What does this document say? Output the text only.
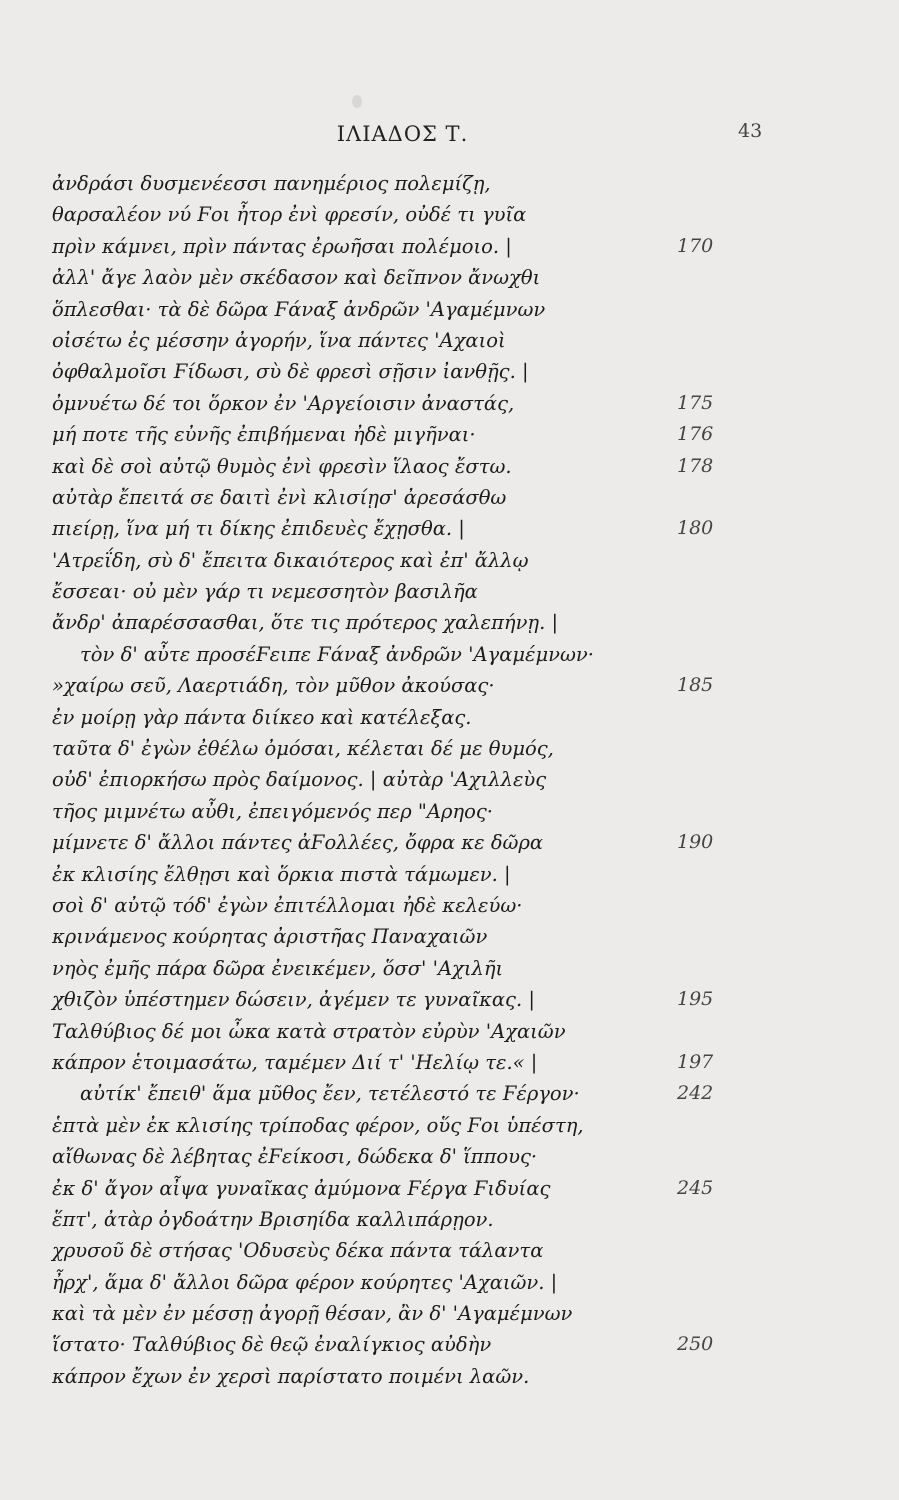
ΙΛΙΑΔΟΣ Τ.	43
ἀνδράσι δυσμενέεσσι πανημέριος πολεμίζῃ,
θαρσαλέον νύ Ϝοι ἦτορ ἐνὶ φρεσίν, οὐδέ τι γυῖα
πρὶν κάμνει, πρὶν πάντας ἐρωῆσαι πολέμοιο. |	170
ἀλλ' ἄγε λαὸν μὲν σκέδασον καὶ δεῖπνον ἄνωχθι
ὅπλεσθαι· τὰ δὲ δῶρα Ϝάναξ ἀνδρῶν 'Αγαμέμνων
οἰσέτω ἐς μέσσην ἀγορήν, ἵνα πάντες 'Αχαιοὶ
ὀφθαλμοῖσι Ϝίδωσι, σὺ δὲ φρεσὶ σῇσιν ἰανθῇς. |
ὀμνυέτω δέ τοι ὅρκον ἐν 'Αργείοισιν ἀναστάς,	175
μή ποτε τῆς εὐνῆς ἐπιβήμεναι ἠδὲ μιγῆναι·	176
καὶ δὲ σοὶ αὐτῷ θυμὸς ἐνὶ φρεσὶν ἵλαος ἔστω.	178
αὐτὰρ ἔπειτά σε δαιτὶ ἐνὶ κλισίῃσ' ἀρεσάσθω
πιείρῃ, ἵνα μή τι δίκης ἐπιδευὲς ἔχῃσθα. |	180
'Ατρεΐδη, σὺ δ' ἔπειτα δικαιότερος καὶ ἐπ' ἄλλῳ
ἔσσεαι· οὐ μὲν γάρ τι νεμεσσητὸν βασιλῆα
ἄνδρ' ἀπαρέσσασθαι, ὅτε τις πρότερος χαλεπήνῃ. |
τὸν δ' αὖτε προσέϜειπε Ϝάναξ ἀνδρῶν 'Αγαμέμνων·
»χαίρω σεῦ, Λαερτιάδη, τὸν μῦθον ἀκούσας·	185
ἐν μοίρῃ γὰρ πάντα διίκεο καὶ κατέλεξας.
ταῦτα δ' ἐγὼν ἐθέλω ὀμόσαι, κέλεται δέ με θυμός,
οὐδ' ἐπιορκήσω πρὸς δαίμονος. | αὐτὰρ 'Αχιλλεὺς
τῆος μιμνέτω αὖθι, ἐπειγόμενός περ "Αρηος·
μίμνετε δ' ἄλλοι πάντες ἀϜολλέες, ὄφρα κε δῶρα	190
ἐκ κλισίης ἔλθῃσι καὶ ὅρκια πιστὰ τάμωμεν. |
σοὶ δ' αὐτῷ τόδ' ἐγὼν ἐπιτέλλομαι ἠδὲ κελεύω·
κρινάμενος κούρητας ἀριστῆας Παναχαιῶν
νηὸς ἐμῆς πάρα δῶρα ἐνεικέμεν, ὅσσ' 'Αχιλῆι
χθιζὸν ὑπέστημεν δώσειν, ἀγέμεν τε γυναῖκας. |	195
Ταλθύβιος δέ μοι ὦκα κατὰ στρατὸν εὐρὺν 'Αχαιῶν
κάπρον ἑτοιμασάτω, ταμέμεν Διί τ' 'Ηελίῳ τε.« |	197
αὐτίκ' ἔπειθ' ἅμα μῦθος ἔεν, τετέλεστό τε Ϝέργον·	242
ἑπτὰ μὲν ἐκ κλισίης τρίποδας φέρον, οὕς Ϝοι ὑπέστη,
αἴθωνας δὲ λέβητας ἐϜείκοσι, δώδεκα δ' ἵππους·
ἐκ δ' ἄγον αἶψα γυναῖκας ἀμύμονα Ϝέργα Ϝιδυίας	245
ἕπτ', ἀτὰρ ὀγδοάτην Βρισηίδα καλλιπάρῃον.
χρυσοῦ δὲ στήσας 'Οδυσεὺς δέκα πάντα τάλαντα
ἦρχ', ἅμα δ' ἄλλοι δῶρα φέρον κούρητες 'Αχαιῶν. |
καὶ τὰ μὲν ἐν μέσσῃ ἀγορῇ θέσαν, ἂν δ' 'Αγαμέμνων
ἵστατο· Ταλθύβιος δὲ θεῷ ἐναλίγκιος αὐδὴν	250
κάπρον ἔχων ἐν χερσὶ παρίστατο ποιμένι λαῶν.
